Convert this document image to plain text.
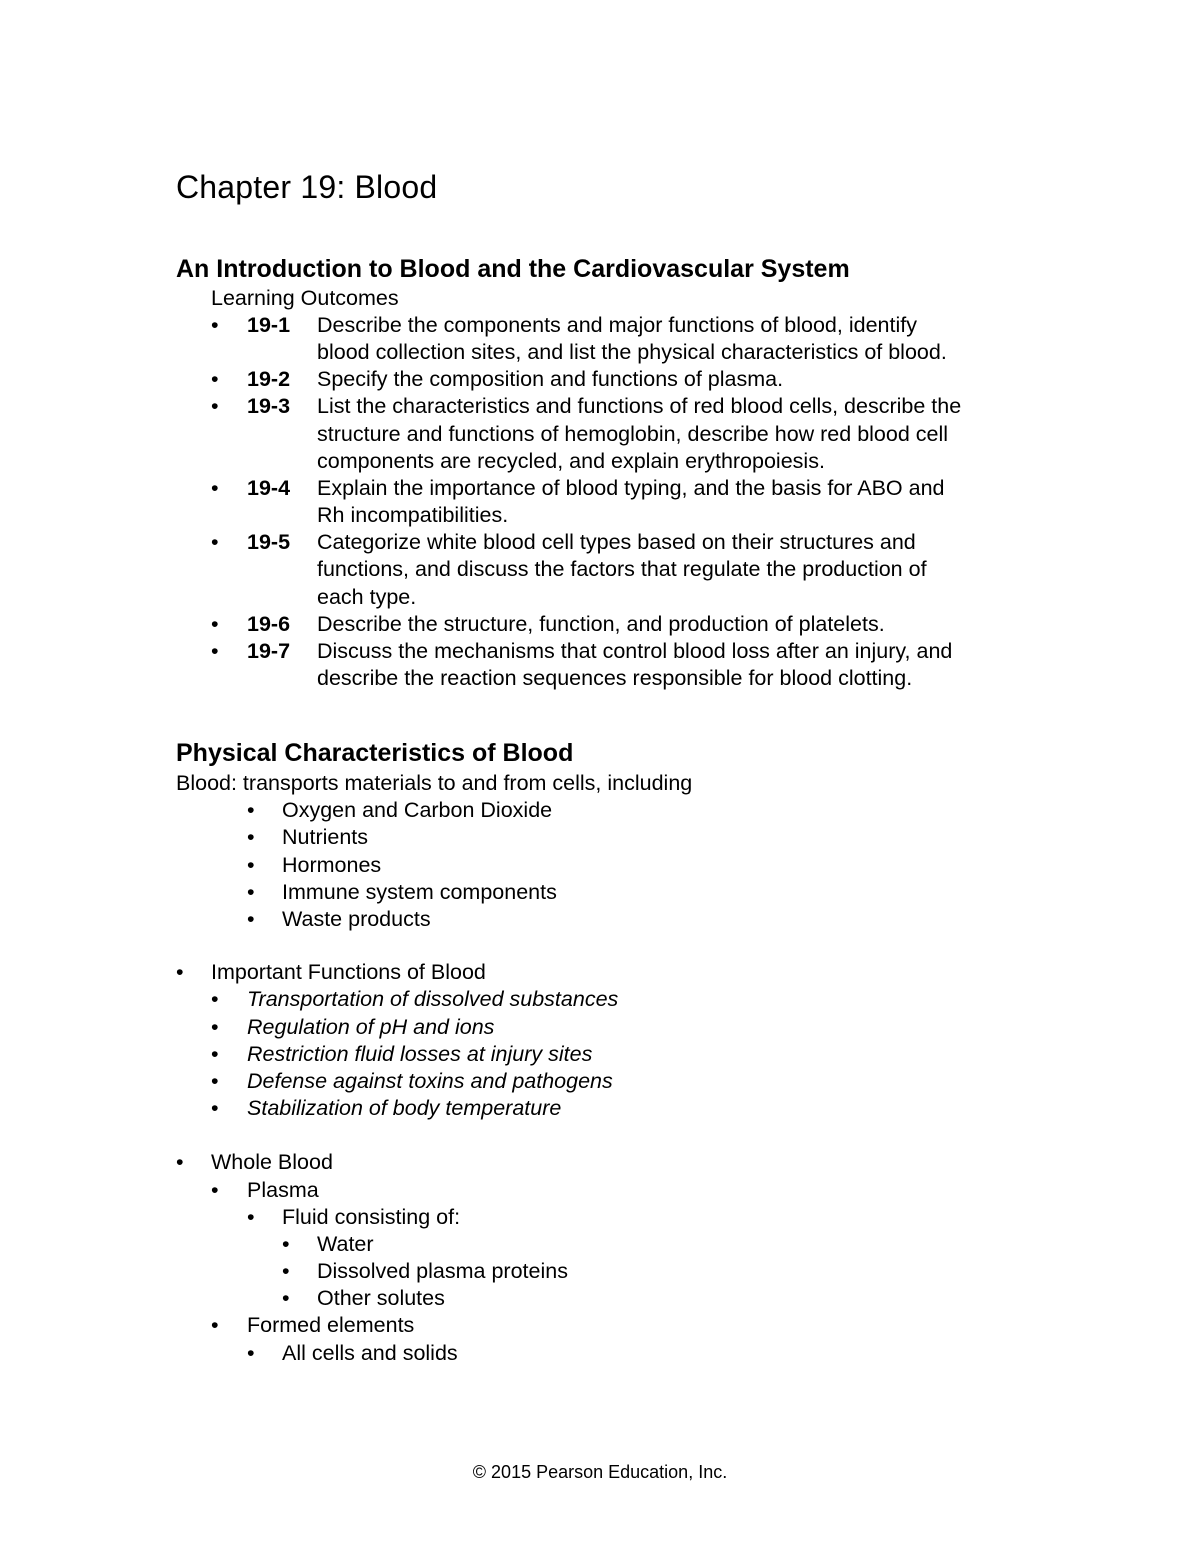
Chapter 19: Blood
An Introduction to Blood and the Cardiovascular System
Learning Outcomes
• 19-1 Describe the components and major functions of blood, identify
blood collection sites, and list the physical characteristics of blood.
• 19-2 Specify the composition and functions of plasma.
• 19-3 List the characteristics and functions of red blood cells, describe the
structure and functions of hemoglobin, describe how red blood cell
components are recycled, and explain erythropoiesis.
• 19-4 Explain the importance of blood typing, and the basis for ABO and
Rh incompatibilities.
• 19-5 Categorize white blood cell types based on their structures and
functions, and discuss the factors that regulate the production of
each type.
• 19-6 Describe the structure, function, and production of platelets.
• 19-7 Discuss the mechanisms that control blood loss after an injury, and
describe the reaction sequences responsible for blood clotting.
Physical Characteristics of Blood
Blood: transports materials to and from cells, including
• Oxygen and Carbon Dioxide
• Nutrients
• Hormones
• Immune system components
• Waste products
• Important Functions of Blood
• Transportation of dissolved substances
• Regulation of pH and ions
• Restriction fluid losses at injury sites
• Defense against toxins and pathogens
• Stabilization of body temperature
• Whole Blood
• Plasma
• Fluid consisting of:
• Water
• Dissolved plasma proteins
• Other solutes
• Formed elements
• All cells and solids
© 2015 Pearson Education, Inc.
